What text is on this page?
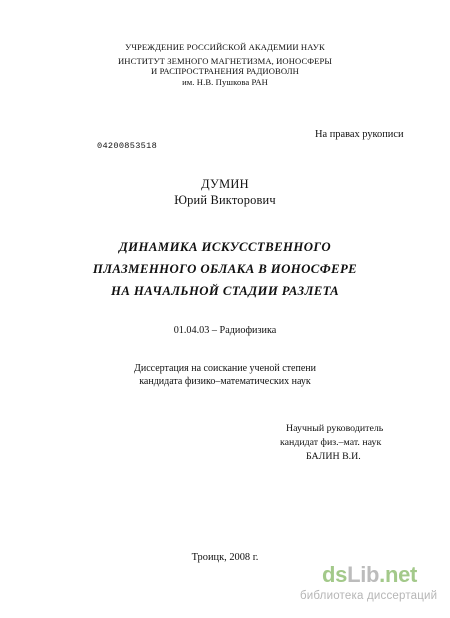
УЧРЕЖДЕНИЕ РОССИЙСКОЙ АКАДЕМИИ НАУК
ИНСТИТУТ ЗЕМНОГО МАГНЕТИЗМА, ИОНОСФЕРЫ
И РАСПРОСТРАНЕНИЯ РАДИОВОЛН
им. Н.В. Пушкова РАН
04200853518
На правах рукописи
ДУМИН
Юрий Викторович
ДИНАМИКА ИСКУССТВЕННОГО
ПЛАЗМЕННОГО ОБЛАКА В ИОНОСФЕРЕ
НА НАЧАЛЬНОЙ СТАДИИ РАЗЛЕТА
01.04.03 – Радиофизика
Диссертация на соискание ученой степени
кандидата физико–математических наук
Научный руководитель
кандидат физ.–мат. наук
БАЛИН В.И.
Троицк, 2008 г.
dsLib.net
библиотека диссертаций
